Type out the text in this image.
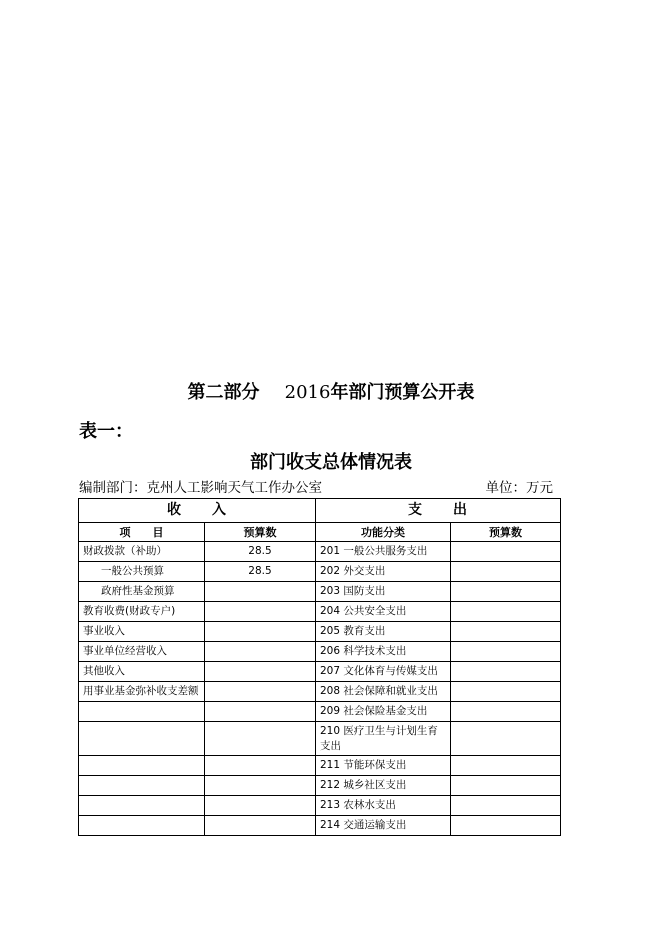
第二部分 2016年部门预算公开表
表一：
部门收支总体情况表
编制部门：克州人工影响天气工作办公室	单位：万元
收　　入		支　　出	
项　　目	预算数	功能分类	预算数
财政拨款（补助）	28.5	201 一般公共服务支出	
一般公共预算	28.5	202 外交支出	
政府性基金预算		203 国防支出	
教育收费(财政专户)		204 公共安全支出	
事业收入		205 教育支出	
事业单位经营收入		206 科学技术支出	
其他收入		207 文化体育与传媒支出	
用事业基金弥补收支差额		208 社会保障和就业支出	
		209 社会保险基金支出	
		210 医疗卫生与计划生育支出	
		211 节能环保支出	
		212 城乡社区支出	
		213 农林水支出	
		214 交通运输支出	
